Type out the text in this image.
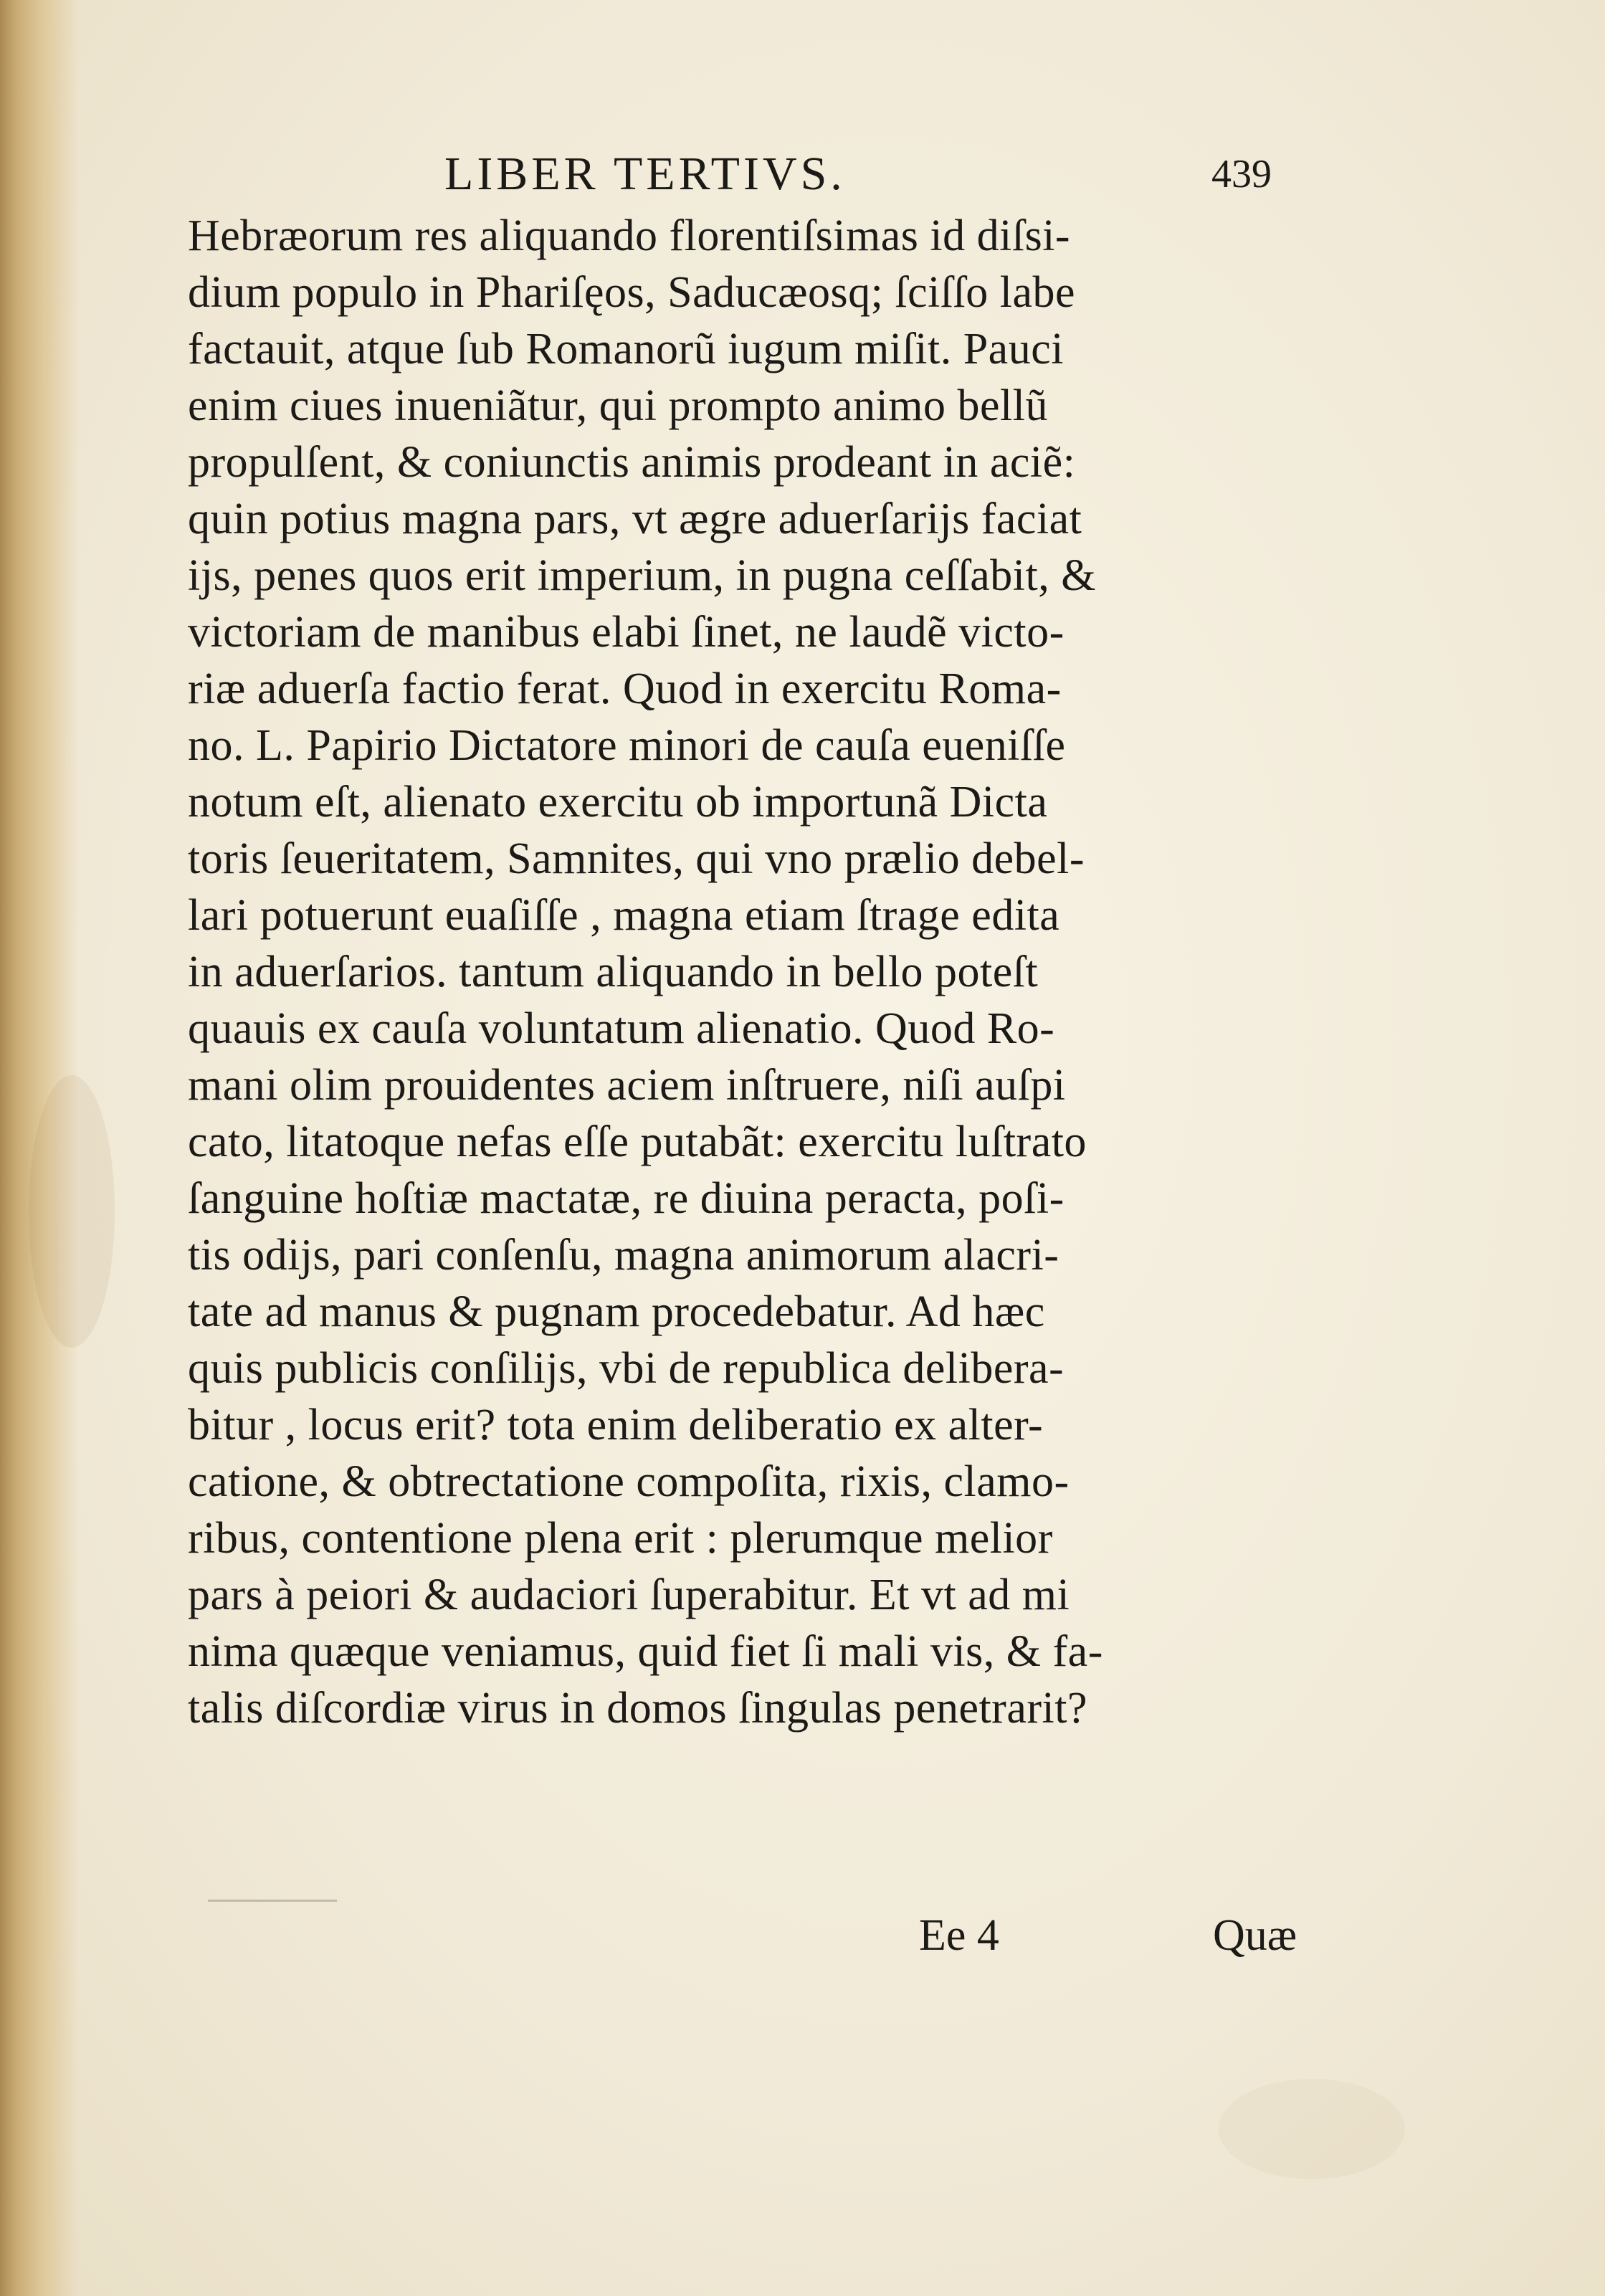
LIBER TERTIVS.	439
Hebræorum res aliquando florentiſsimas id diſsi-
dium populo in Phariſęos, Saducæosq; ſciſſo labe
factauit, atque ſub Romanorũ iugum miſit. Pauci
enim ciues inueniãtur, qui prompto animo bellũ
propulſent, & coniunctis animis prodeant in aciẽ:
quin potius magna pars, vt ægre aduerſarijs faciat
ijs, penes quos erit imperium, in pugna ceſſabit, &
victoriam de manibus elabi ſinet, ne laudẽ victo-
riæ aduerſa factio ferat. Quod in exercitu Roma-
no. L. Papirio Dictatore minori de cauſa eueniſſe
notum eſt, alienato exercitu ob importunã Dicta
toris ſeueritatem, Samnites, qui vno prælio debel-
lari potuerunt euaſiſſe , magna etiam ſtrage edita
in aduerſarios. tantum aliquando in bello poteſt
quauis ex cauſa voluntatum alienatio. Quod Ro-
mani olim prouidentes aciem inſtruere, niſi auſpi
cato, litatoque nefas eſſe putabãt: exercitu luſtrato
ſanguine hoſtiæ mactatæ, re diuina peracta, poſi-
tis odijs, pari conſenſu, magna animorum alacri-
tate ad manus & pugnam procedebatur. Ad hæc
quis publicis conſilijs, vbi de republica delibera-
bitur , locus erit? tota enim deliberatio ex alter-
catione, & obtrectatione compoſita, rixis, clamo-
ribus, contentione plena erit : plerumque melior
pars à peiori & audaciori ſuperabitur. Et vt ad mi
nima quæque veniamus, quid fiet ſi mali vis, & fa-
talis diſcordiæ virus in domos ſingulas penetrarit?
Ee 4	Quæ
